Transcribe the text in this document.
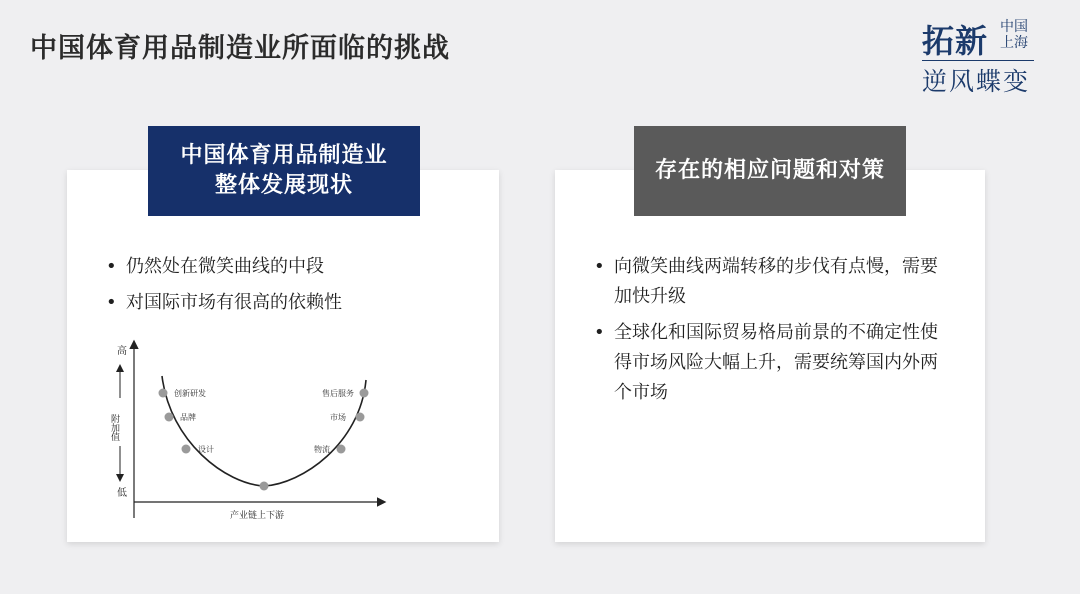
中国体育用品制造业所面临的挑战	拓新 中国
上海
逆风蝶变
中国体育用品制造业
整体发展现状
存在的相应问题和对策
• 仍然处在微笑曲线的中段
• 对国际市场有很高的依赖性
• 向微笑曲线两端转移的步伐有点慢，需要加快升级
• 全球化和国际贸易格局前景的不确定性使得市场风险大幅上升，需要统筹国内外两个市场
高
附加值
低
产业链上下游
创新研发
品牌
设计	物流
市场
售后服务
